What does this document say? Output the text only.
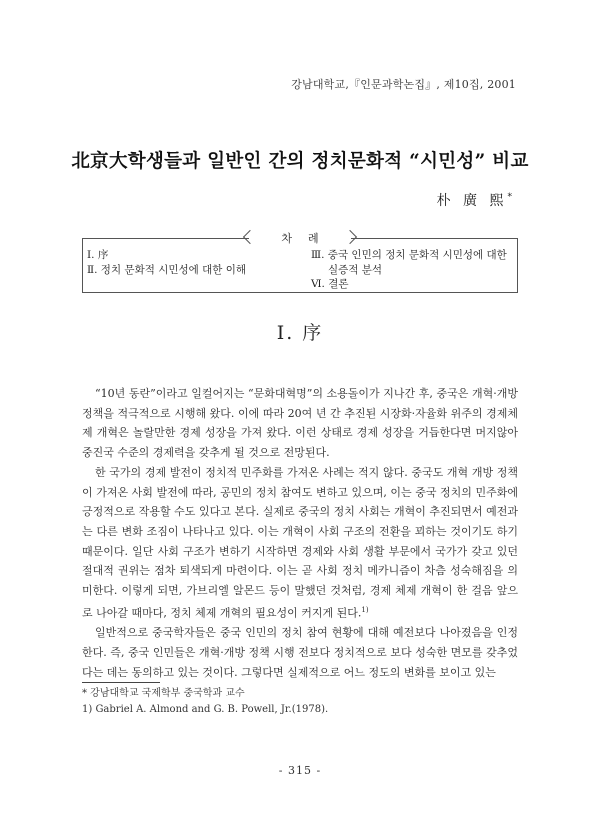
강남대학교,『인문과학논집』, 제10집, 2001
北京大학생들과 일반인 간의 정치문화적 “시민성” 비교
朴 廣 熙*
차례
Ⅰ. 序
Ⅱ. 정치 문화적 시민성에 대한 이해
Ⅲ. 중국 인민의 정치 문화적 시민성에 대한
실증적 분석
Ⅵ. 결론
Ⅰ. 序

“10년 동란”이라고 일컬어지는 “문화대혁명”의 소용돌이가 지나간 후, 중국은 개혁·개방 정책을 적극적으로 시행해 왔다. 이에 따라 20여 년 간 추진된 시장화·자율화 위주의 경제체제 개혁은 놀랄만한 경제 성장을 가져 왔다. 이런 상태로 경제 성장을 거듭한다면 머지않아 중진국 수준의 경제력을 갖추게 될 것으로 전망된다.

한 국가의 경제 발전이 정치적 민주화를 가져온 사례는 적지 않다. 중국도 개혁 개방 정책이 가져온 사회 발전에 따라, 공민의 정치 참여도 변하고 있으며, 이는 중국 정치의 민주화에 긍정적으로 작용할 수도 있다고 본다. 실제로 중국의 정치 사회는 개혁이 추진되면서 예전과는 다른 변화 조짐이 나타나고 있다. 이는 개혁이 사회 구조의 전환을 꾀하는 것이기도 하기 때문이다. 일단 사회 구조가 변하기 시작하면 경제와 사회 생활 부문에서 국가가 갖고 있던 절대적 권위는 점차 퇴색되게 마련이다. 이는 곧 사회 정치 메카니즘이 차츰 성숙해짐을 의미한다. 이렇게 되면, 가브리엘 알몬드 등이 말했던 것처럼, 경제 체제 개혁이 한 걸음 앞으로 나아갈 때마다, 정치 체제 개혁의 필요성이 커지게 된다.$^{1)}$

일반적으로 중국학자들은 중국 인민의 정치 참여 현황에 대해 예전보다 나아졌음을 인정한다. 즉, 중국 인민들은 개혁·개방 정책 시행 전보다 정치적으로 보다 성숙한 면모를 갖추었다는 데는 동의하고 있는 것이다. 그렇다면 실제적으로 어느 정도의 변화를 보이고 있는

* 강남대학교 국제학부 중국학과 교수
1) Gabriel A. Almond and G. B. Powell, Jr.(1978).
- 315 -
